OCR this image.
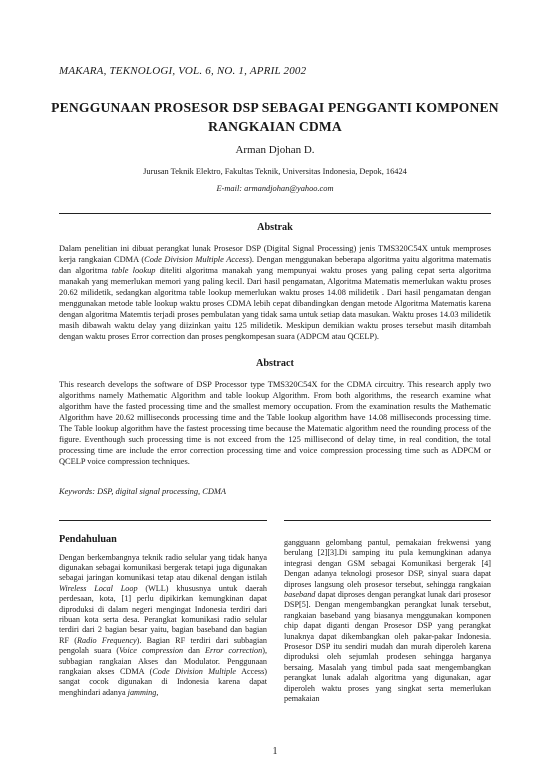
MAKARA, TEKNOLOGI, VOL. 6, NO. 1, APRIL 2002
PENGGUNAAN PROSESOR DSP SEBAGAI PENGGANTI KOMPONEN RANGKAIAN CDMA
Arman Djohan D.
Jurusan Teknik Elektro, Fakultas Teknik, Universitas Indonesia, Depok, 16424
E-mail: armandjohan@yahoo.com
Abstrak
Dalam penelitian ini dibuat perangkat lunak Prosesor DSP (Digital Signal Processing) jenis TMS320C54X untuk memproses kerja rangkaian CDMA (Code Division Multiple Access). Dengan menggunakan beberapa algoritma yaitu algoritma matematis dan algoritma table lookup diteliti algoritma manakah yang mempunyai waktu proses yang paling cepat serta algoritma manakah yang memerlukan memori yang paling kecil. Dari hasil pengamatan, Algoritma Matematis memerlukan waktu proses 20.62 milidetik, sedangkan algoritma table lookup memerlukan waktu proses 14.08 milidetik . Dari hasil pengamatan dengan menggunakan metode table lookup waktu proses CDMA lebih cepat dibandingkan dengan metode Algoritma Matematis karena dengan algoritma Matemtis terjadi proses pembulatan yang tidak sama untuk setiap data masukan. Waktu proses 14.03 milidetik masih dibawah waktu delay yang diizinkan yaitu 125 milidetik. Meskipun demikian waktu proses tersebut masih ditambah dengan waktu proses Error correction dan proses pengkompesan suara (ADPCM atau QCELP).
Abstract
This research develops the software of DSP Processor type TMS320C54X for the CDMA circuitry. This research apply two algorithms namely Mathematic Algorithm and table lookup Algorithm. From both algorithms, the research examine what algorithm have the fasted processing time and the smallest memory occupation. From the examination results the Mathematic Algorithm have 20.62 milliseconds processing time and the Table lookup algorithm have 14.08 milliseconds processing time. The Table lookup algorithm have the fastest processing time because the Matematic algorithm need the rounding process of the figure. Eventhough such processing time is not exceed from the 125 millisecond of delay time, in real condition, the total processing time are include the error correction processing time and voice compression processing time such as ADPCM or QCELP voice compression techniques.
Keywords: DSP, digital signal processing, CDMA
Pendahuluan
Dengan berkembangnya teknik radio selular yang tidak hanya digunakan sebagai komunikasi bergerak tetapi juga digunakan sebagai jaringan komunikasi tetap atau dikenal dengan istilah Wireless Local Loop (WLL) khususnya untuk daerah perdesaan, kota, [1] perlu dipikirkan kemungkinan dapat diproduksi di dalam negeri mengingat Indonesia terdiri dari ribuan kota serta desa. Perangkat komunikasi radio selular terdiri dari 2 bagian besar yaitu, bagian baseband dan bagian RF (Radio Frequency). Bagian RF terdiri dari subbagian pengolah suara (Voice compression dan Error correction), subbagian rangkaian Akses dan Modulator. Penggunaan rangkaian akses CDMA (Code Division Multiple Access) sangat cocok digunakan di Indonesia karena dapat menghindari adanya jamming,
gangguann gelombang pantul, pemakaian frekwensi yang berulang [2][3].Di samping itu pula kemungkinan adanya integrasi dengan GSM sebagai Komunikasi bergerak [4] Dengan adanya teknologi prosesor DSP, sinyal suara dapat diproses langsung oleh prosesor tersebut, sehingga rangkaian baseband dapat diproses dengan perangkat lunak dari prosesor DSP[5]. Dengan mengembangkan perangkat lunak tersebut, rangkaian baseband yang biasanya menggunakan komponen chip dapat diganti dengan Prosesor DSP yang perangkat lunaknya dapat dikembangkan oleh pakar-pakar Indonesia. Prosesor DSP itu sendiri mudah dan murah diperoleh karena diproduksi oleh sejumlah prodesen sehingga harganya bersaing. Masalah yang timbul pada saat mengembangkan perangkat lunak adalah algoritma yang digunakan, agar diperoleh waktu proses yang singkat serta memerlukan pemakaian
1
